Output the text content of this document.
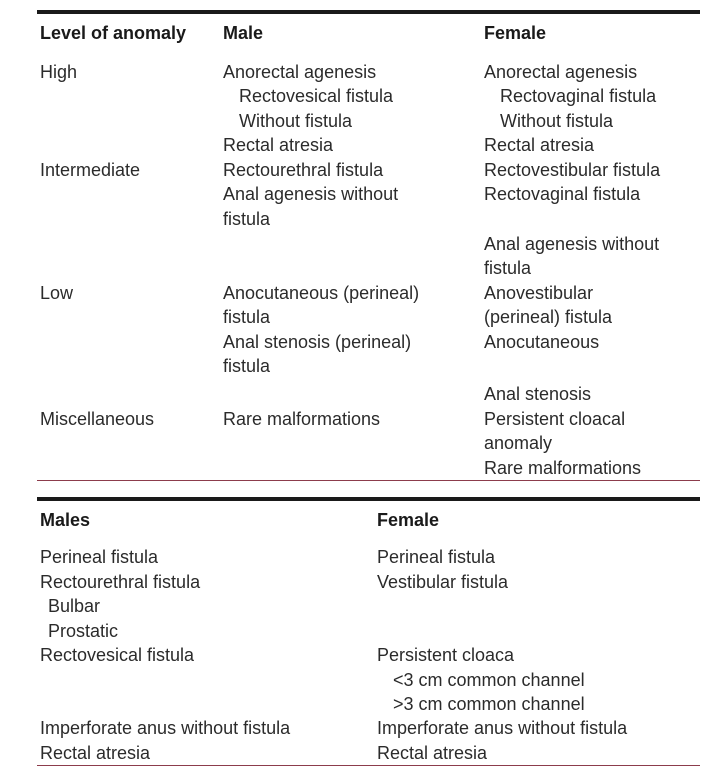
Level of anomaly Male	Female
High
Intermediate
Low
Miscellaneous
Anorectal agenesis
Rectovesical fistula
Without fistula
Rectal atresia
Rectourethral fistula
Anal agenesis without
fistula
Anocutaneous (perineal)
fistula
Anal stenosis (perineal)
fistula
Rare malformations
Anorectal agenesis
Rectovaginal fistula
Without fistula
Rectal atresia
Rectovestibular fistula
Rectovaginal fistula
Anal agenesis without
fistula
Anovestibular
(perineal) fistula
Anocutaneous
Anal stenosis
Persistent cloacal
anomaly
Rare malformations
Males	Female
Perineal fistula
Rectourethral fistula
Bulbar
Prostatic
Rectovesical fistula
Imperforate anus without fistula
Rectal atresia
Perineal fistula
Vestibular fistula
Persistent cloaca
<3 cm common channel
>3 cm common channel
Imperforate anus without fistula
Rectal atresia
